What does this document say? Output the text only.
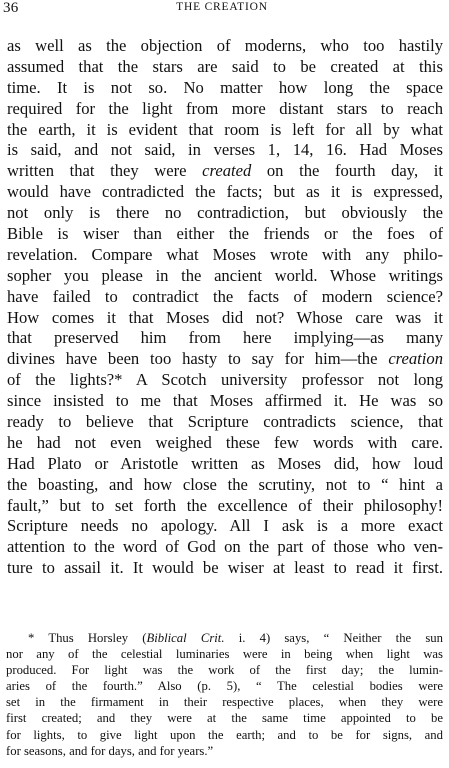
36	THE CREATION
as well as the objection of moderns, who too hastily
assumed that the stars are said to be created at this
time. It is not so. No matter how long the space
required for the light from more distant stars to reach
the earth, it is evident that room is left for all by what
is said, and not said, in verses 1, 14, 16. Had Moses
written that they were created on the fourth day, it
would have contradicted the facts; but as it is expressed,
not only is there no contradiction, but obviously the
Bible is wiser than either the friends or the foes of
revelation. Compare what Moses wrote with any philo-
sopher you please in the ancient world. Whose writings
have failed to contradict the facts of modern science?
How comes it that Moses did not? Whose care was it
that preserved him from here implying—as many
divines have been too hasty to say for him—the creation
of the lights?* A Scotch university professor not long
since insisted to me that Moses affirmed it. He was so
ready to believe that Scripture contradicts science, that
he had not even weighed these few words with care.
Had Plato or Aristotle written as Moses did, how loud
the boasting, and how close the scrutiny, not to “ hint a
fault,” but to set forth the excellence of their philosophy!
Scripture needs no apology. All I ask is a more exact
attention to the word of God on the part of those who ven-
ture to assail it. It would be wiser at least to read it first.
* Thus Horsley (Biblical Crit. i. 4) says, “ Neither the sun
nor any of the celestial luminaries were in being when light was
produced. For light was the work of the first day; the lumin-
aries of the fourth.” Also (p. 5), “ The celestial bodies were
set in the firmament in their respective places, when they were
first created; and they were at the same time appointed to be
for lights, to give light upon the earth; and to be for signs, and
for seasons, and for days, and for years.”
